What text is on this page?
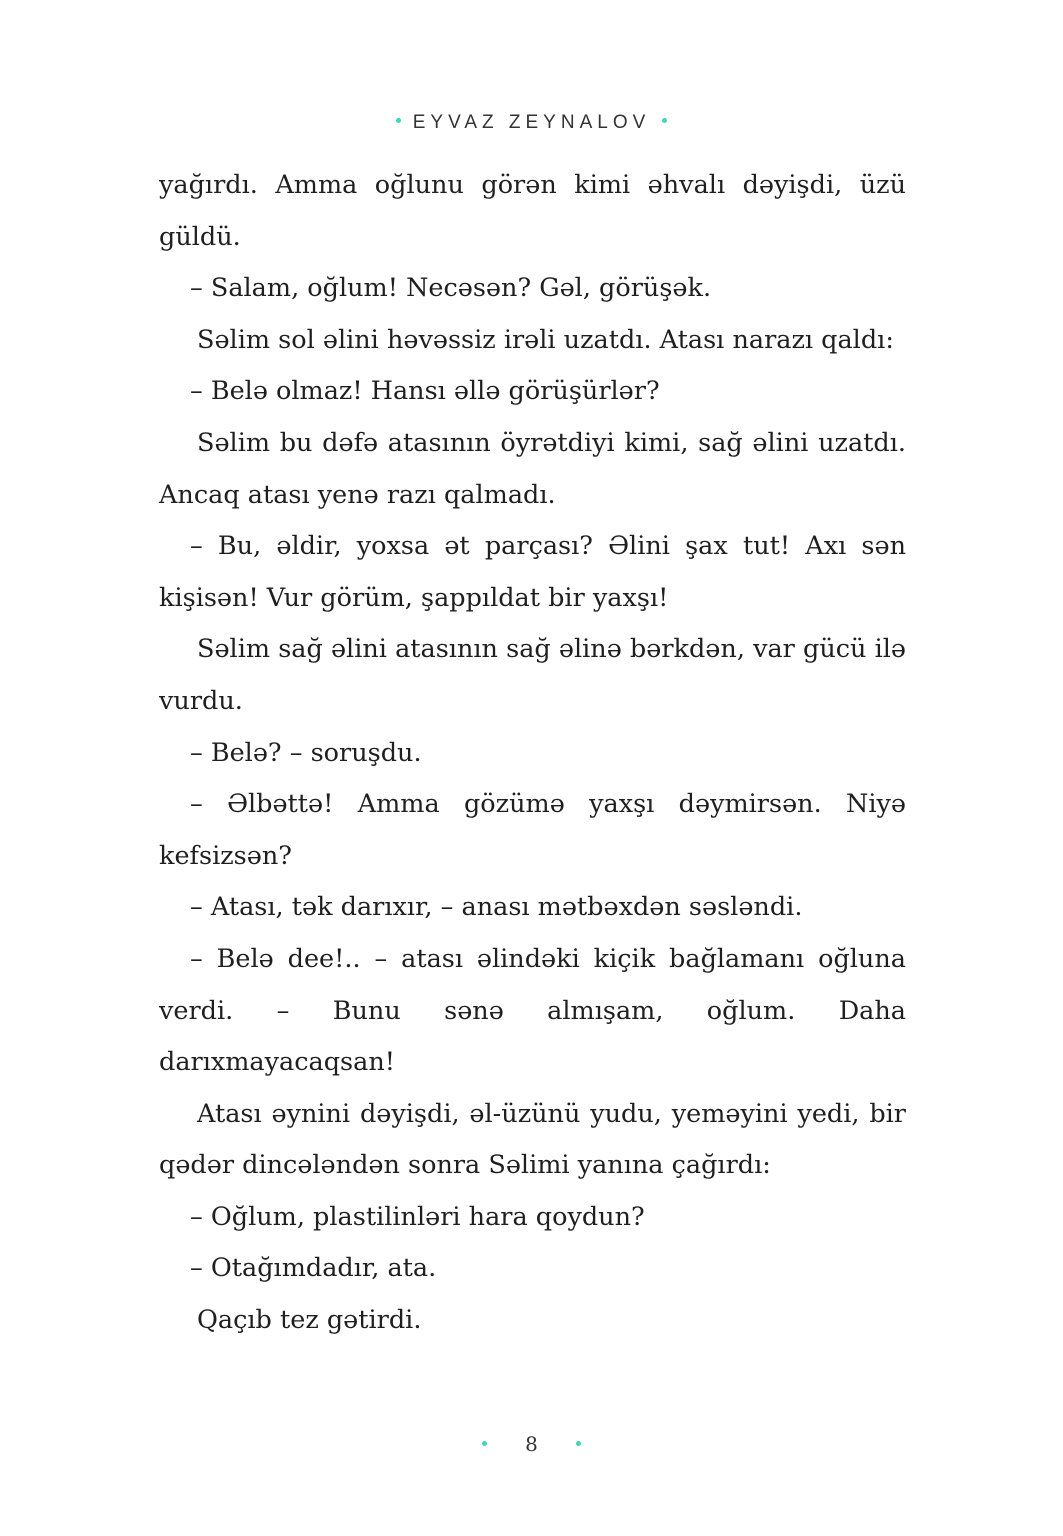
EYVAZ ZEYNALOV

yağırdı. Amma oğlunu görən kimi əhvalı dəyişdi, üzü güldü.

– Salam, oğlum! Necəsən? Gəl, görüşək.

Səlim sol əlini həvəssiz irəli uzatdı. Atası narazı qaldı:

– Belə olmaz! Hansı əllə görüşürlər?

Səlim bu dəfə atasının öyrətdiyi kimi, sağ əlini uzatdı. Ancaq atası yenə razı qalmadı.

– Bu, əldir, yoxsa ət parçası? Əlini şax tut! Axı sən kişisən! Vur görüm, şappıldat bir yaxşı!

Səlim sağ əlini atasının sağ əlinə bərkdən, var gücü ilə vurdu.

– Belə? – soruşdu.

– Əlbəttə! Amma gözümə yaxşı dəymirsən. Niyə kefsizsən?

– Atası, tək darıxır, – anası mətbəxdən səsləndi.

– Belə dee!.. – atası əlindəki kiçik bağlamanı oğluna verdi. – Bunu sənə almışam, oğlum. Daha darıxmayacaqsan!

Atası əynini dəyişdi, əl-üzünü yudu, yeməyini yedi, bir qədər dincələndən sonra Səlimi yanına çağırdı:

– Oğlum, plastilinləri hara qoydun?

– Otağımdadır, ata.

Qaçıb tez gətirdi.

8
